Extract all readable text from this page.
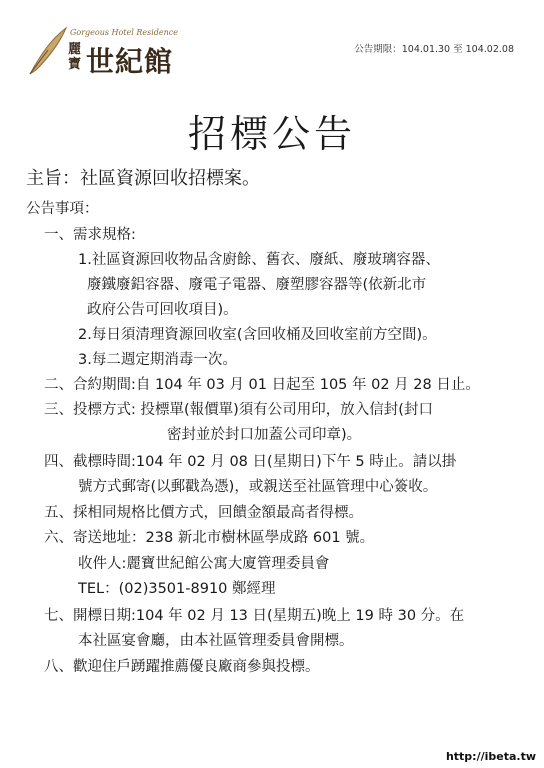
Gorgeous Hotel Residence
麗寶 世紀館	公告期限：104.01.30 至 104.02.08
招標公告
主旨：社區資源回收招標案。
公告事項：
一、需求規格:
1.社區資源回收物品含廚餘、舊衣、廢紙、廢玻璃容器、
廢鐵廢鋁容器、廢電子電器、廢塑膠容器等(依新北市
政府公告可回收項目)。
2.每日須清理資源回收室(含回收桶及回收室前方空間)。
3.每二週定期消毒一次。
二、合約期間:自 104 年 03 月 01 日起至 105 年 02 月 28 日止。
三、投標方式: 投標單(報價單)須有公司用印，放入信封(封口
密封並於封口加蓋公司印章)。
四、截標時間:104 年 02 月 08 日(星期日)下午 5 時止。請以掛
號方式郵寄(以郵戳為憑)，或親送至社區管理中心簽收。
五、採相同規格比價方式，回饋金額最高者得標。
六、寄送地址：238 新北市樹林區學成路 601 號。
收件人:麗寶世紀館公寓大廈管理委員會
TEL：(02)3501-8910 鄭經理
七、開標日期:104 年 02 月 13 日(星期五)晚上 19 時 30 分。在
本社區宴會廳，由本社區管理委員會開標。
八、歡迎住戶踴躍推薦優良廠商參與投標。
http://ibeta.tw
